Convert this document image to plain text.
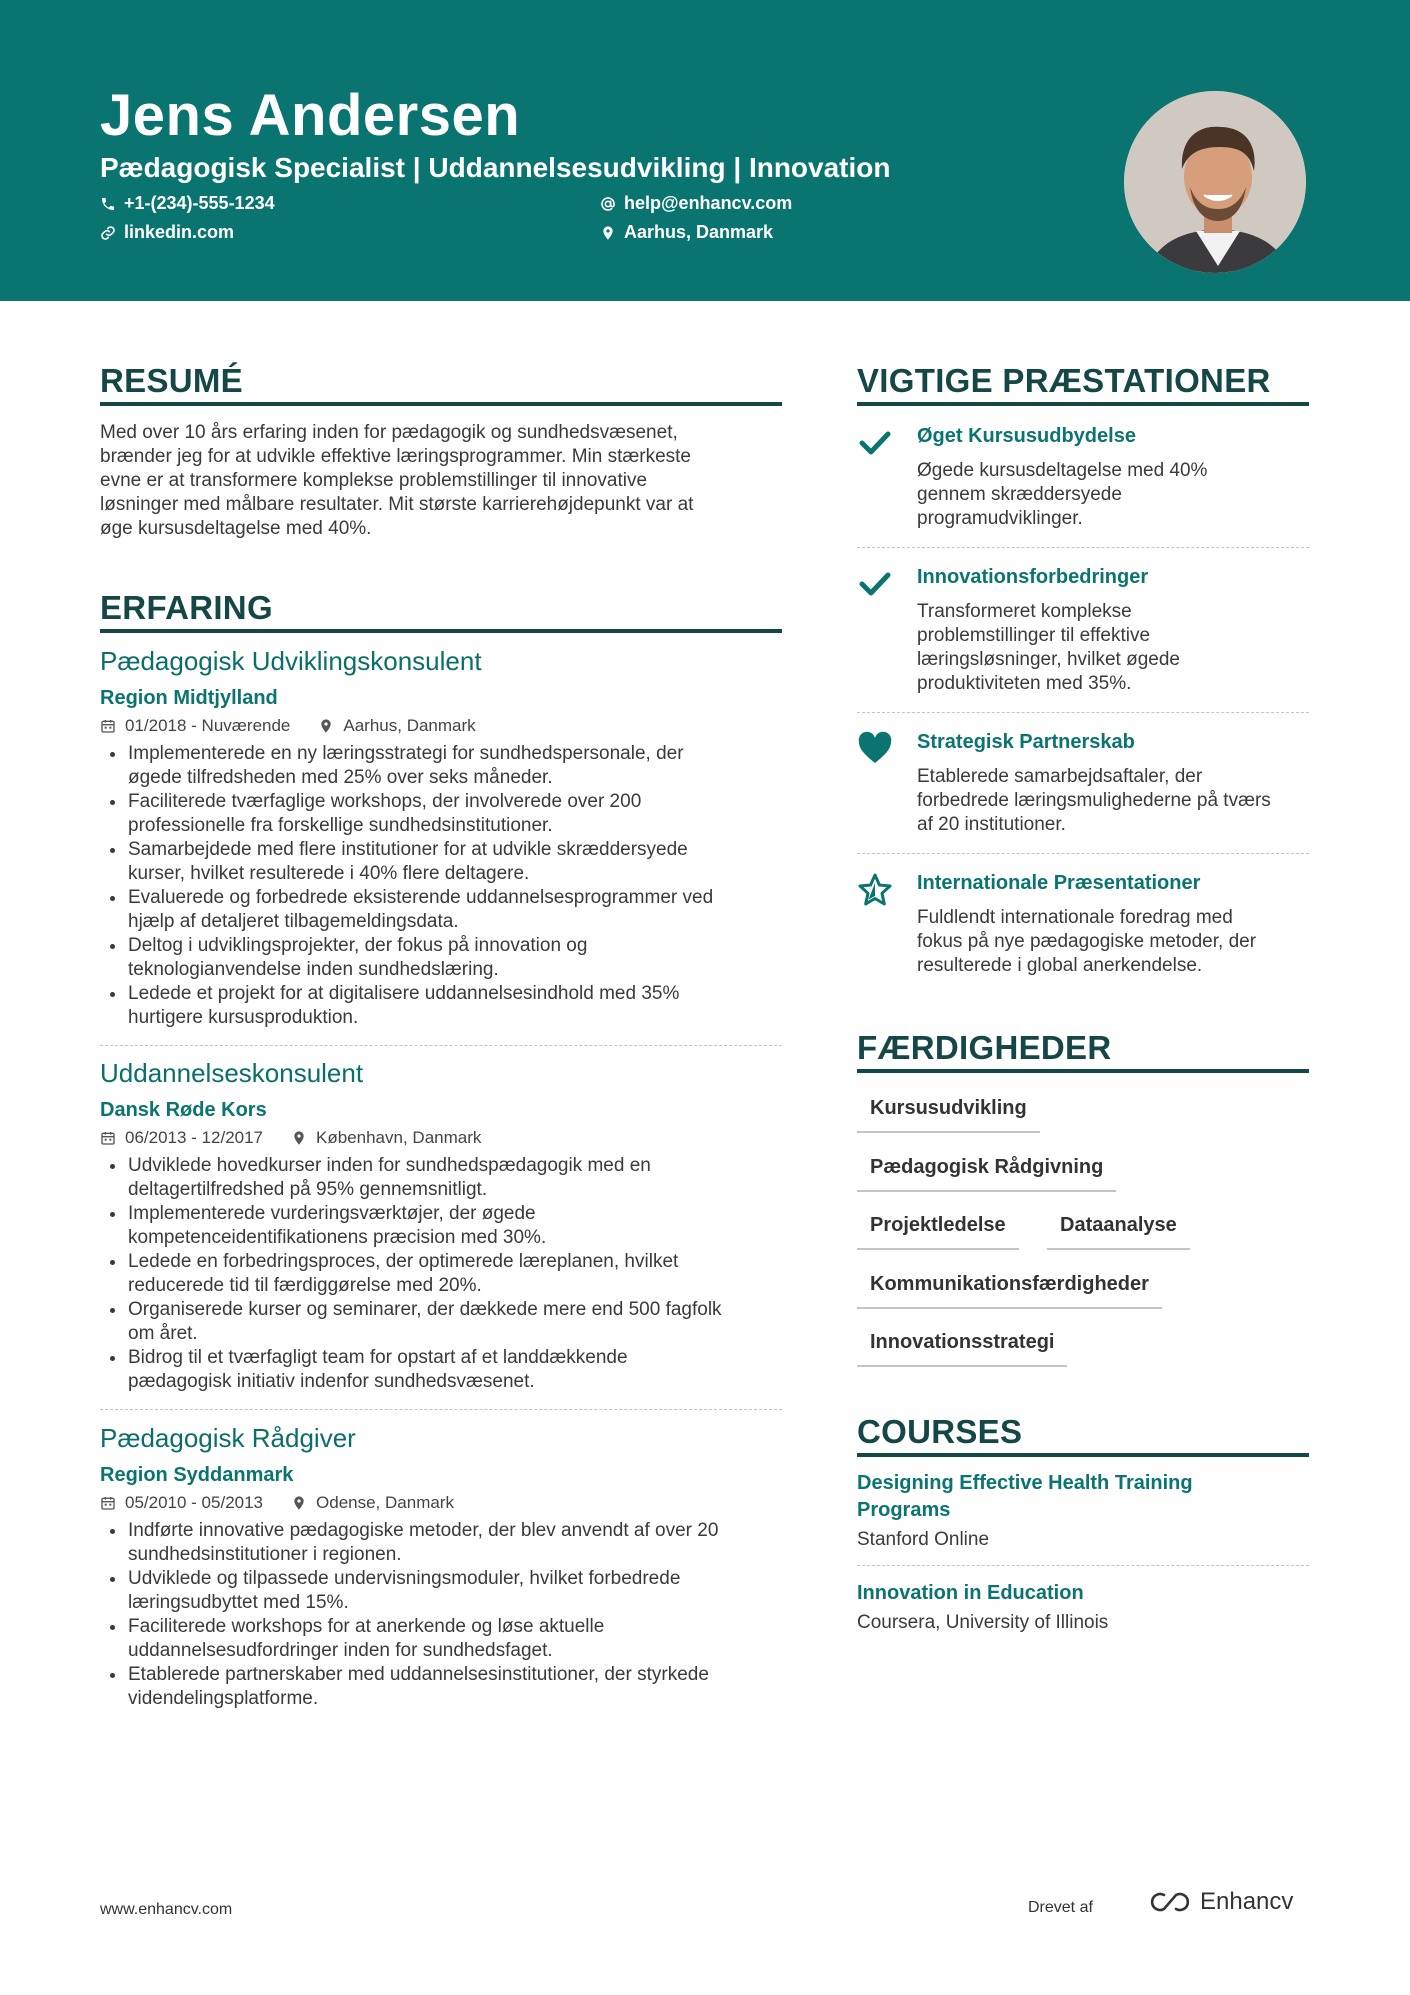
Jens Andersen
Pædagogisk Specialist | Uddannelsesudvikling | Innovation
+1-(234)-555-1234	help@enhancv.com
linkedin.com	Aarhus, Danmark
RESUMÉ
Med over 10 års erfaring inden for pædagogik og sundhedsvæsenet,
brænder jeg for at udvikle effektive læringsprogrammer. Min stærkeste
evne er at transformere komplekse problemstillinger til innovative
løsninger med målbare resultater. Mit største karrierehøjdepunkt var at
øge kursusdeltagelse med 40%.
ERFARING
Pædagogisk Udviklingskonsulent
Region Midtjylland
01/2018 - Nuværende	Aarhus, Danmark
Implementerede en ny læringsstrategi for sundhedspersonale, der
øgede tilfredsheden med 25% over seks måneder.
Faciliterede tværfaglige workshops, der involverede over 200
professionelle fra forskellige sundhedsinstitutioner.
Samarbejdede med flere institutioner for at udvikle skræddersyede
kurser, hvilket resulterede i 40% flere deltagere.
Evaluerede og forbedrede eksisterende uddannelsesprogrammer ved
hjælp af detaljeret tilbagemeldingsdata.
Deltog i udviklingsprojekter, der fokus på innovation og
teknologianvendelse inden sundhedslæring.
Ledede et projekt for at digitalisere uddannelsesindhold med 35%
hurtigere kursusproduktion.
Uddannelseskonsulent
Dansk Røde Kors
06/2013 - 12/2017	København, Danmark
Udviklede hovedkurser inden for sundhedspædagogik med en
deltagertilfredshed på 95% gennemsnitligt.
Implementerede vurderingsværktøjer, der øgede
kompetenceidentifikationens præcision med 30%.
Ledede en forbedringsproces, der optimerede læreplanen, hvilket
reducerede tid til færdiggørelse med 20%.
Organiserede kurser og seminarer, der dækkede mere end 500 fagfolk
om året.
Bidrog til et tværfagligt team for opstart af et landdækkende
pædagogisk initiativ indenfor sundhedsvæsenet.
Pædagogisk Rådgiver
Region Syddanmark
05/2010 - 05/2013	Odense, Danmark
Indførte innovative pædagogiske metoder, der blev anvendt af over 20
sundhedsinstitutioner i regionen.
Udviklede og tilpassede undervisningsmoduler, hvilket forbedrede
læringsudbyttet med 15%.
Faciliterede workshops for at anerkende og løse aktuelle
uddannelsesudfordringer inden for sundhedsfaget.
Etablerede partnerskaber med uddannelsesinstitutioner, der styrkede
videndelingsplatforme.
VIGTIGE PRÆSTATIONER
Øget Kursusudbydelse
Øgede kursusdeltagelse med 40%
gennem skræddersyede
programudviklinger.
Innovationsforbedringer
Transformeret komplekse
problemstillinger til effektive
læringsløsninger, hvilket øgede
produktiviteten med 35%.
Strategisk Partnerskab
Etablerede samarbejdsaftaler, der
forbedrede læringsmulighederne på tværs
af 20 institutioner.
Internationale Præsentationer
Fuldlendt internationale foredrag med
fokus på nye pædagogiske metoder, der
resulterede i global anerkendelse.
FÆRDIGHEDER
Kursusudvikling
Pædagogisk Rådgivning
Projektledelse	Dataanalyse
Kommunikationsfærdigheder
Innovationsstrategi
COURSES
Designing Effective Health Training
Programs
Stanford Online
Innovation in Education
Coursera, University of Illinois
www.enhancv.com	Drevet af	Enhancv
